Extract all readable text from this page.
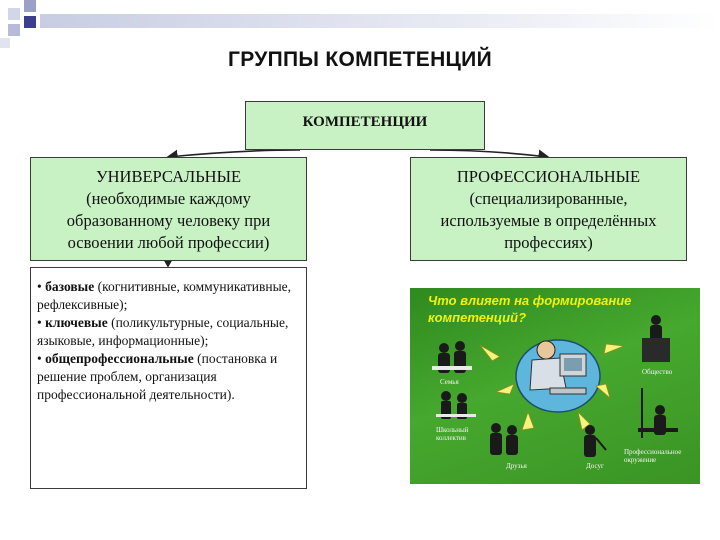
ГРУППЫ КОМПЕТЕНЦИЙ
КОМПЕТЕНЦИИ
УНИВЕРСАЛЬНЫЕ
(необходимые каждому
образованному человеку при
освоении любой профессии)
ПРОФЕССИОНАЛЬНЫЕ
(специализированные,
используемые в определённых
профессиях)

• базовые (когнитивные, коммуникативные, рефлексивные);

• ключевые (поликультурные, социальные, языковые, информационные);

• общепрофессиональные (постановка и решение проблем, организация профессиональной деятельности).

Что влияет на формирование
компетенций?
Семья
Школьный коллектив
Друзья	Досуг
Общество
Профессиональное окружение
